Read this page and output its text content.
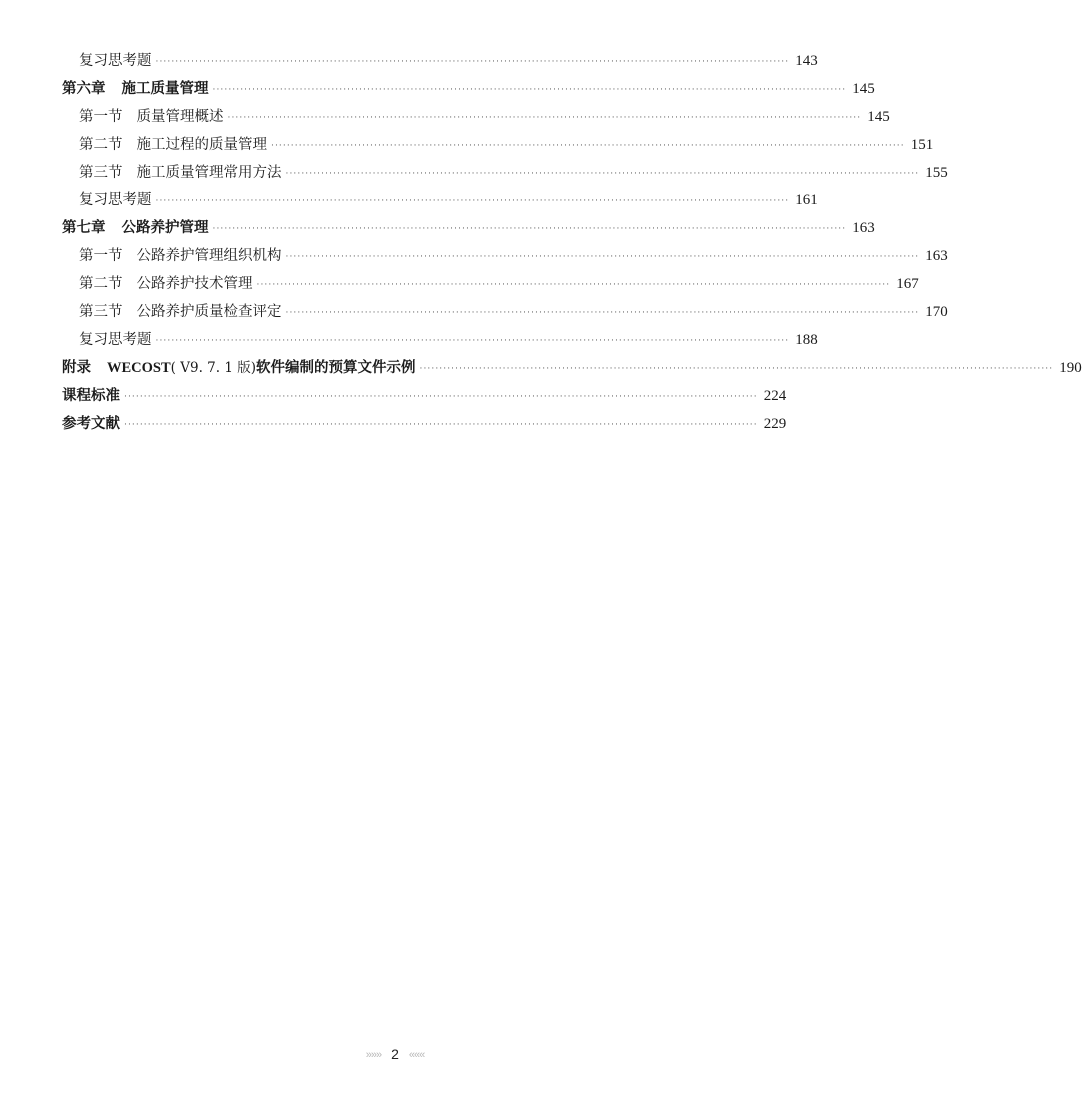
复习思考题 ································································································································································ 143
第六章 施工质量管理 ································································································································································ 145
第一节 质量管理概述 ································································································································································ 145
第二节 施工过程的质量管理 ································································································································································ 151
第三节 施工质量管理常用方法 ································································································································································ 155
复习思考题 ································································································································································ 161
第七章 公路养护管理 ································································································································································ 163
第一节 公路养护管理组织机构 ································································································································································ 163
第二节 公路养护技术管理 ································································································································································ 167
第三节 公路养护质量检查评定 ································································································································································ 170
复习思考题 ································································································································································ 188
附录 WECOST( V9. 7. 1 版)软件编制的预算文件示例 ································································································································································ 190
课程标准 ································································································································································ 224
参考文献 ································································································································································ 229
»»» 2 «««
